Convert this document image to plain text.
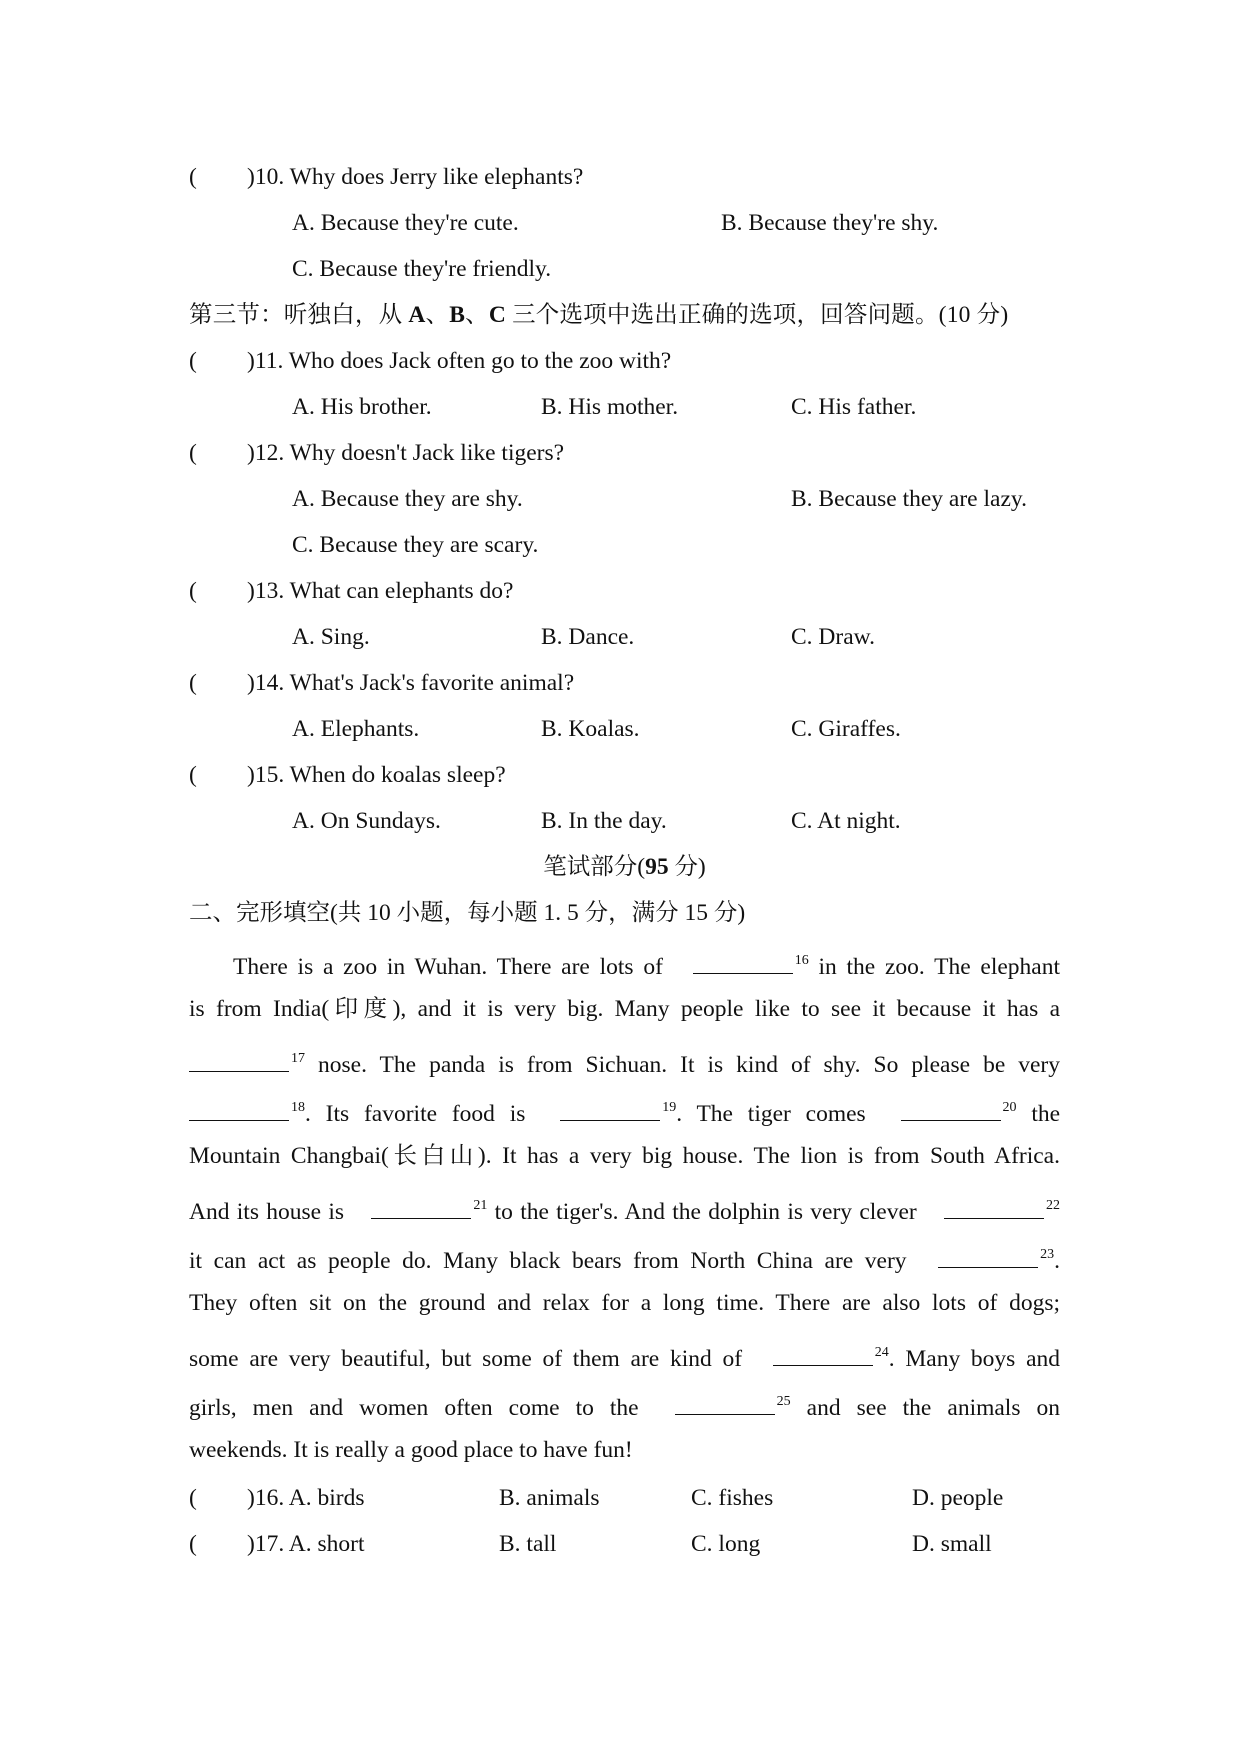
( )10. Why does Jerry like elephants?
A. Because they're cute.	B. Because they're shy.
C. Because they're friendly.
第三节：听独白，从 A、B、C 三个选项中选出正确的选项，回答问题。(10 分)
( )11. Who does Jack often go to the zoo with?
A. His brother.	B. His mother.	C. His father.
( )12. Why doesn't Jack like tigers?
A. Because they are shy.	B. Because they are lazy.
C. Because they are scary.
( )13. What can elephants do?
A. Sing.	B. Dance.	C. Draw.
( )14. What's Jack's favorite animal?
A. Elephants.	B. Koalas.	C. Giraffes.
( )15. When do koalas sleep?
A. On Sundays.	B. In the day.	C. At night.
笔试部分(95 分)
二、完形填空(共 10 小题，每小题 1. 5 分，满分 15 分)
There is a zoo in Wuhan. There are lots of	$^{16}$ in the zoo. The elephant
is from India(印度), and it is very big. Many people like to see it because it has a
$^{17}$ nose. The panda is from Sichuan. It is kind of shy. So please be very
$^{18}$. Its favorite food is	$^{19}$. The tiger comes	$^{20}$ the
Mountain Changbai(长白山). It has a very big house. The lion is from South Africa.
And its house is	$^{21}$ to the tiger's. And the dolphin is very clever	$^{22}$
it can act as people do. Many black bears from North China are very	$^{23}$.
They often sit on the ground and relax for a long time. There are also lots of dogs;
some are very beautiful, but some of them are kind of	$^{24}$. Many boys and
girls, men and women often come to the	$^{25}$ and see the animals on
weekends. It is really a good place to have fun!
( )16. A. birds	B. animals	C. fishes	D. people
( )17. A. short	B. tall	C. long	D. small
